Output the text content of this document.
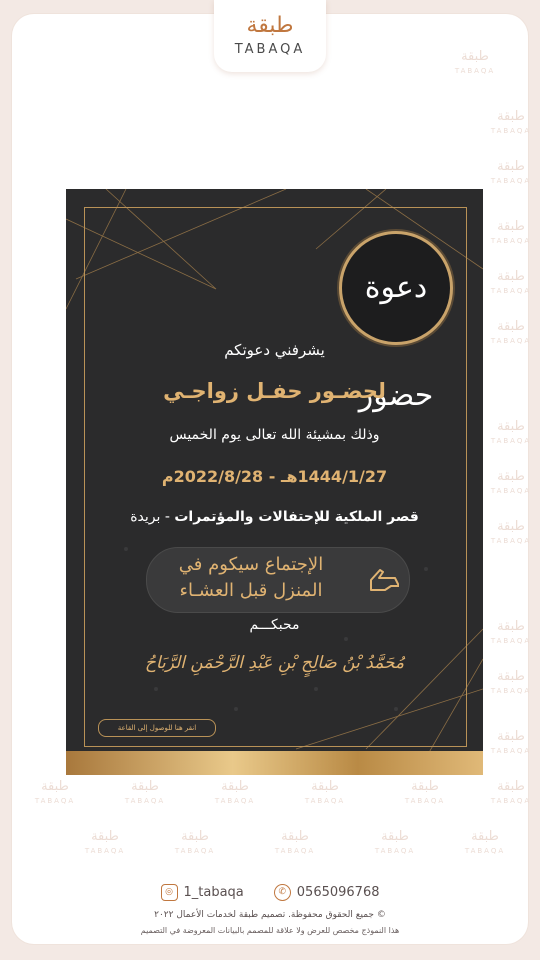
طبقة
TABAQA
طبقة
TABAQA
طبقة
TABAQA
طبقة
TABAQA
طبقة
TABAQA
طبقة
TABAQA
طبقة
TABAQA
طبقة
TABAQA
طبقة
TABAQA
طبقة
TABAQA
طبقة
TABAQA
طبقة
TABAQA
طبقة
TABAQA
طبقة
TABAQA
طبقة
TABAQA
طبقة
TABAQA
طبقة
TABAQA
طبقة
TABAQA
طبقة
TABAQA
طبقة
TABAQA
طبقة
TABAQA
طبقة
TABAQA
طبقة
TABAQA
طبقة
TABAQA
دعوة حضور
يشرفني دعوتكم
لحضـور حفـل زواجـي
وذلك بمشيئة الله تعالى يوم الخميس
1444/1/27هـ - 2022/8/28م
قصر الملكية للإحتفالات والمؤتمرات - بريدة
الإجتماع سيكوم في
المنزل قبل العشـاء
محبكـــم
مُحَمَّدُ بْنُ صَالِحٍ بْنِ عَبْدِ الرَّحْمَنِ الرَّبَاحُ
انقر هنا للوصول إلى القاعة
◎ 1_tabaqa	✆ 0565096768
© جميع الحقوق محفوظة. تصميم طبقة لخدمات الأعمال ٢٠٢٢
هذا النموذج مخصص للعرض ولا علاقة للمصمم بالبيانات المعروضة في التصميم
